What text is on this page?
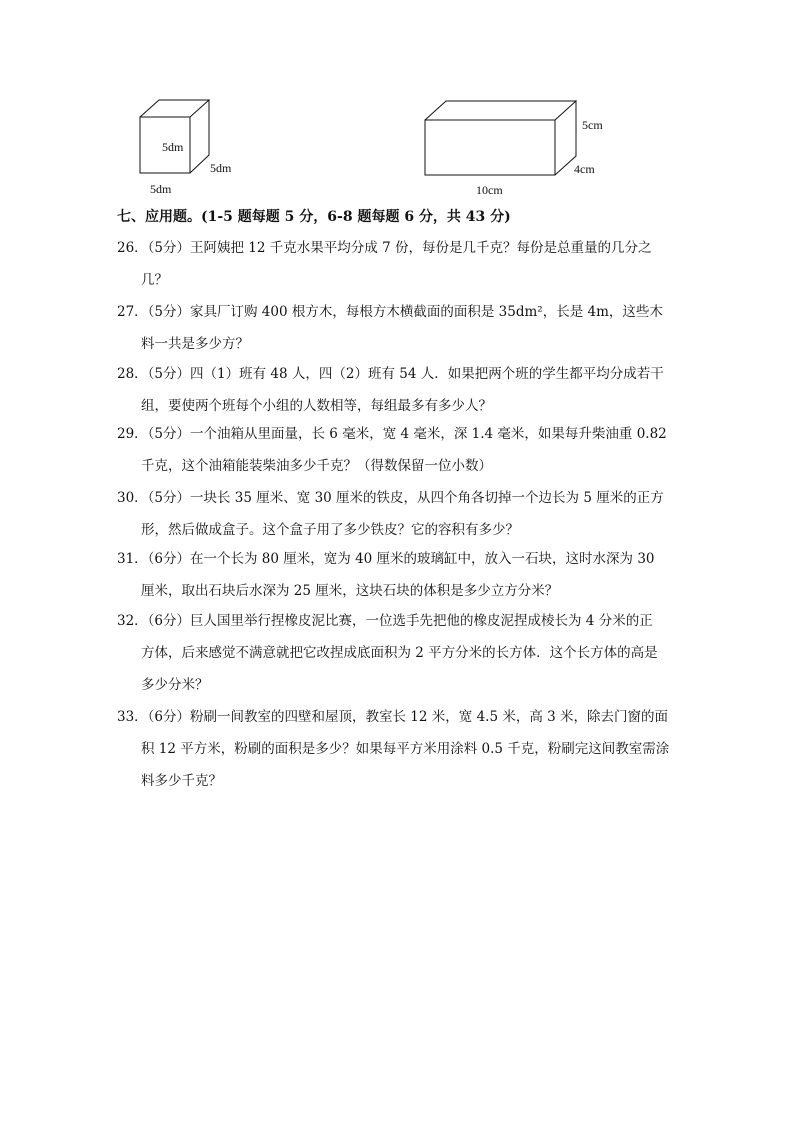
5dm
5dm
5dm
5cm
4cm
10cm
七、应用题。(1-5 题每题 5 分，6-8 题每题 6 分，共 43 分)
26．（5分）王阿姨把 12 千克水果平均分成 7 份，每份是几千克？每份是总重量的几分之
几？
27．（5分）家具厂订购 400 根方木，每根方木横截面的面积是 35dm²，长是 4m，这些木
料一共是多少方？
28．（5分）四（1）班有 48 人，四（2）班有 54 人．如果把两个班的学生都平均分成若干
组，要使两个班每个小组的人数相等，每组最多有多少人？
29．（5分）一个油箱从里面量，长 6 毫米，宽 4 毫米，深 1.4 毫米，如果每升柴油重 0.82
千克，这个油箱能装柴油多少千克？（得数保留一位小数）
30．（5分）一块长 35 厘米、宽 30 厘米的铁皮，从四个角各切掉一个边长为 5 厘米的正方
形，然后做成盒子。这个盒子用了多少铁皮？它的容积有多少？
31．（6分）在一个长为 80 厘米，宽为 40 厘米的玻璃缸中，放入一石块，这时水深为 30
厘米，取出石块后水深为 25 厘米，这块石块的体积是多少立方分米？
32．（6分）巨人国里举行捏橡皮泥比赛，一位选手先把他的橡皮泥捏成棱长为 4 分米的正
方体，后来感觉不满意就把它改捏成底面积为 2 平方分米的长方体．这个长方体的高是
多少分米？
33．（6分）粉刷一间教室的四壁和屋顶，教室长 12 米，宽 4.5 米，高 3 米，除去门窗的面
积 12 平方米，粉刷的面积是多少？如果每平方米用涂料 0.5 千克，粉刷完这间教室需涂
料多少千克？
